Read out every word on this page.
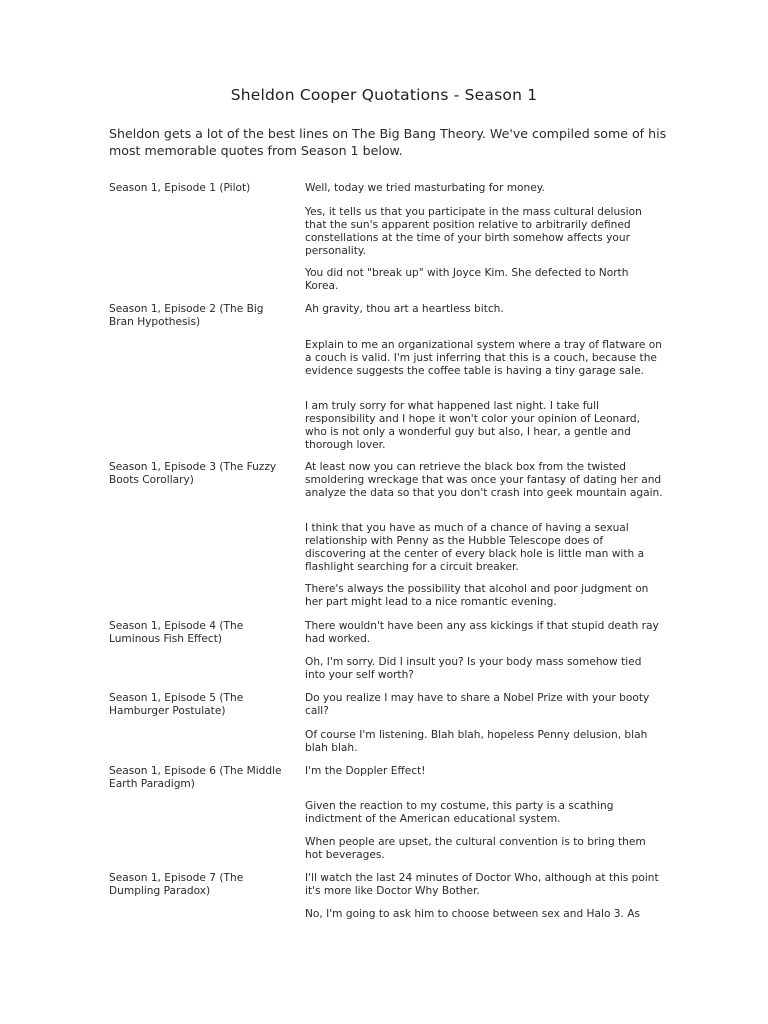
Sheldon Cooper Quotations - Season 1
Sheldon gets a lot of the best lines on The Big Bang Theory. We've compiled some of his most memorable quotes from Season 1 below.
Season 1, Episode 1 (Pilot)	Well, today we tried masturbating for money.
Yes, it tells us that you participate in the mass cultural delusion that the sun's apparent position relative to arbitrarily defined constellations at the time of your birth somehow affects your personality.
You did not "break up" with Joyce Kim. She defected to North Korea.
Season 1, Episode 2 (The Big Bran Hypothesis)
Ah gravity, thou art a heartless bitch.
Explain to me an organizational system where a tray of flatware on a couch is valid. I'm just inferring that this is a couch, because the evidence suggests the coffee table is having a tiny garage sale.
I am truly sorry for what happened last night. I take full responsibility and I hope it won't color your opinion of Leonard, who is not only a wonderful guy but also, I hear, a gentle and thorough lover.
Season 1, Episode 3 (The Fuzzy Boots Corollary)
At least now you can retrieve the black box from the twisted smoldering wreckage that was once your fantasy of dating her and analyze the data so that you don't crash into geek mountain again.
I think that you have as much of a chance of having a sexual relationship with Penny as the Hubble Telescope does of discovering at the center of every black hole is little man with a flashlight searching for a circuit breaker.
There's always the possibility that alcohol and poor judgment on her part might lead to a nice romantic evening.
Season 1, Episode 4 (The Luminous Fish Effect)
There wouldn't have been any ass kickings if that stupid death ray had worked.
Oh, I'm sorry. Did I insult you? Is your body mass somehow tied into your self worth?
Season 1, Episode 5 (The Hamburger Postulate)
Do you realize I may have to share a Nobel Prize with your booty call?
Of course I'm listening. Blah blah, hopeless Penny delusion, blah blah blah.
Season 1, Episode 6 (The Middle Earth Paradigm)
I'm the Doppler Effect!
Given the reaction to my costume, this party is a scathing indictment of the American educational system.
When people are upset, the cultural convention is to bring them hot beverages.
Season 1, Episode 7 (The Dumpling Paradox)
I'll watch the last 24 minutes of Doctor Who, although at this point it's more like Doctor Why Bother.
No, I'm going to ask him to choose between sex and Halo 3. As
